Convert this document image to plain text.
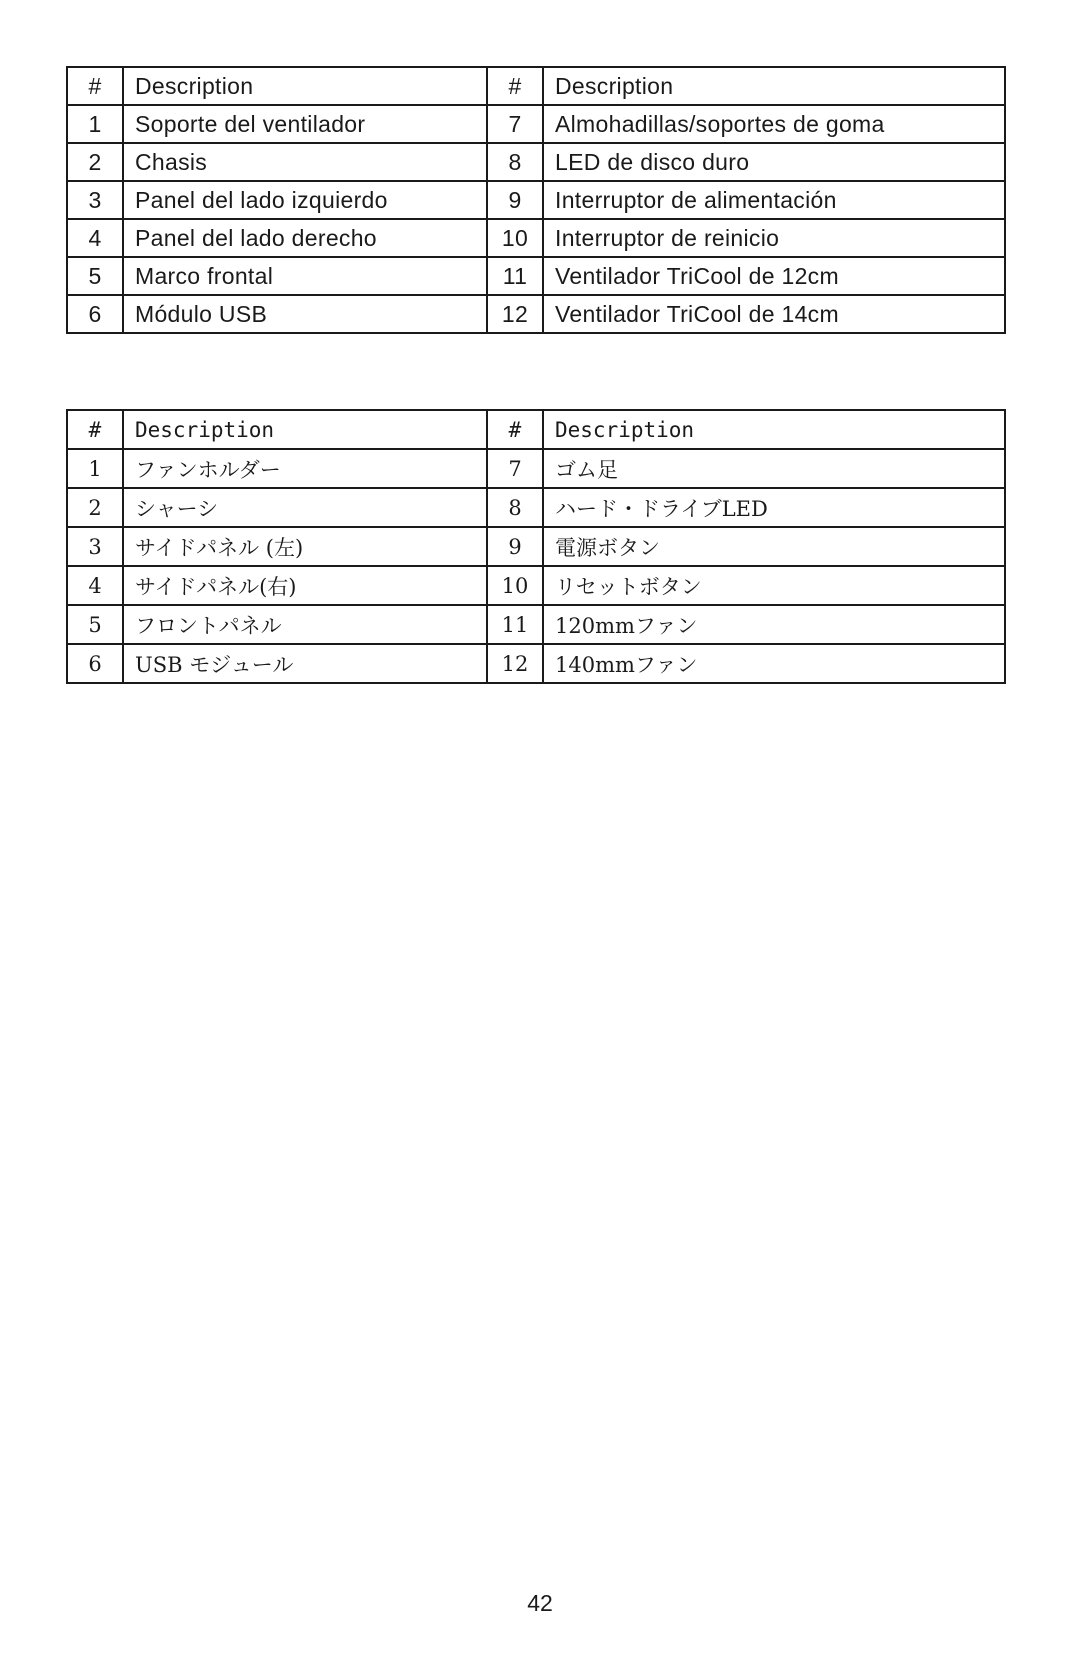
#	Description	#	Description
1	Soporte del ventilador	7	Almohadillas/soportes de goma
2	Chasis	8	LED de disco duro
3	Panel del lado izquierdo	9	Interruptor de alimentación
4	Panel del lado derecho	10	Interruptor de reinicio
5	Marco frontal	11	Ventilador TriCool de 12cm
6	Módulo USB	12	Ventilador TriCool de 14cm
#	Description	#	Description
1	ファンホルダー	7	ゴム足
2	シャーシ	8	ハード・ドライブLED
3	サイドパネル (左)	9	電源ボタン
4	サイドパネル(右)	10	リセットボタン
5	フロントパネル	11	120mmファン
6	USB モジュール	12	140mmファン
42
